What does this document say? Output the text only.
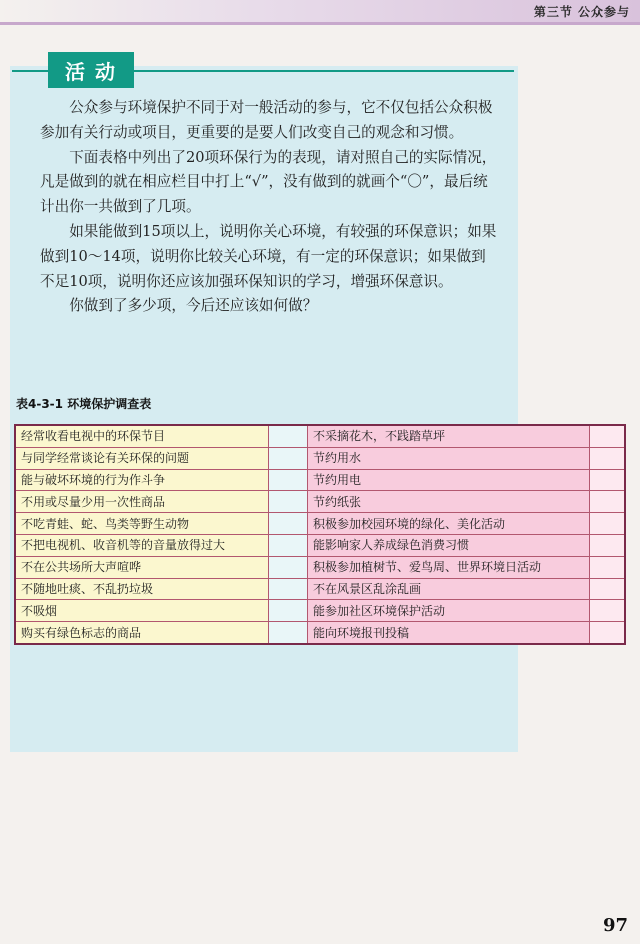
第三节 公众参与
活动

公众参与环境保护不同于对一般活动的参与，它不仅包括公众积极参加有关行动或项目，更重要的是要人们改变自己的观念和习惯。

下面表格中列出了20项环保行为的表现，请对照自己的实际情况，凡是做到的就在相应栏目中打上“√”，没有做到的就画个“〇”，最后统计出你一共做到了几项。

如果能做到15项以上，说明你关心环境，有较强的环保意识；如果做到10～14项，说明你比较关心环境，有一定的环保意识；如果做到不足10项，说明你还应该加强环保知识的学习，增强环保意识。

你做到了多少项，今后还应该如何做？

表4-3-1 环境保护调查表
经常收看电视中的环保节目		不采摘花木，不践踏草坪	
与同学经常谈论有关环保的问题		节约用水	
能与破坏环境的行为作斗争		节约用电	
不用或尽量少用一次性商品		节约纸张	
不吃青蛙、蛇、鸟类等野生动物		积极参加校园环境的绿化、美化活动	
不把电视机、收音机等的音量放得过大		能影响家人养成绿色消费习惯	
不在公共场所大声喧哗		积极参加植树节、爱鸟周、世界环境日活动	
不随地吐痰、不乱扔垃圾		不在风景区乱涂乱画	
不吸烟		能参加社区环境保护活动	
购买有绿色标志的商品		能向环境报刊投稿	
97
